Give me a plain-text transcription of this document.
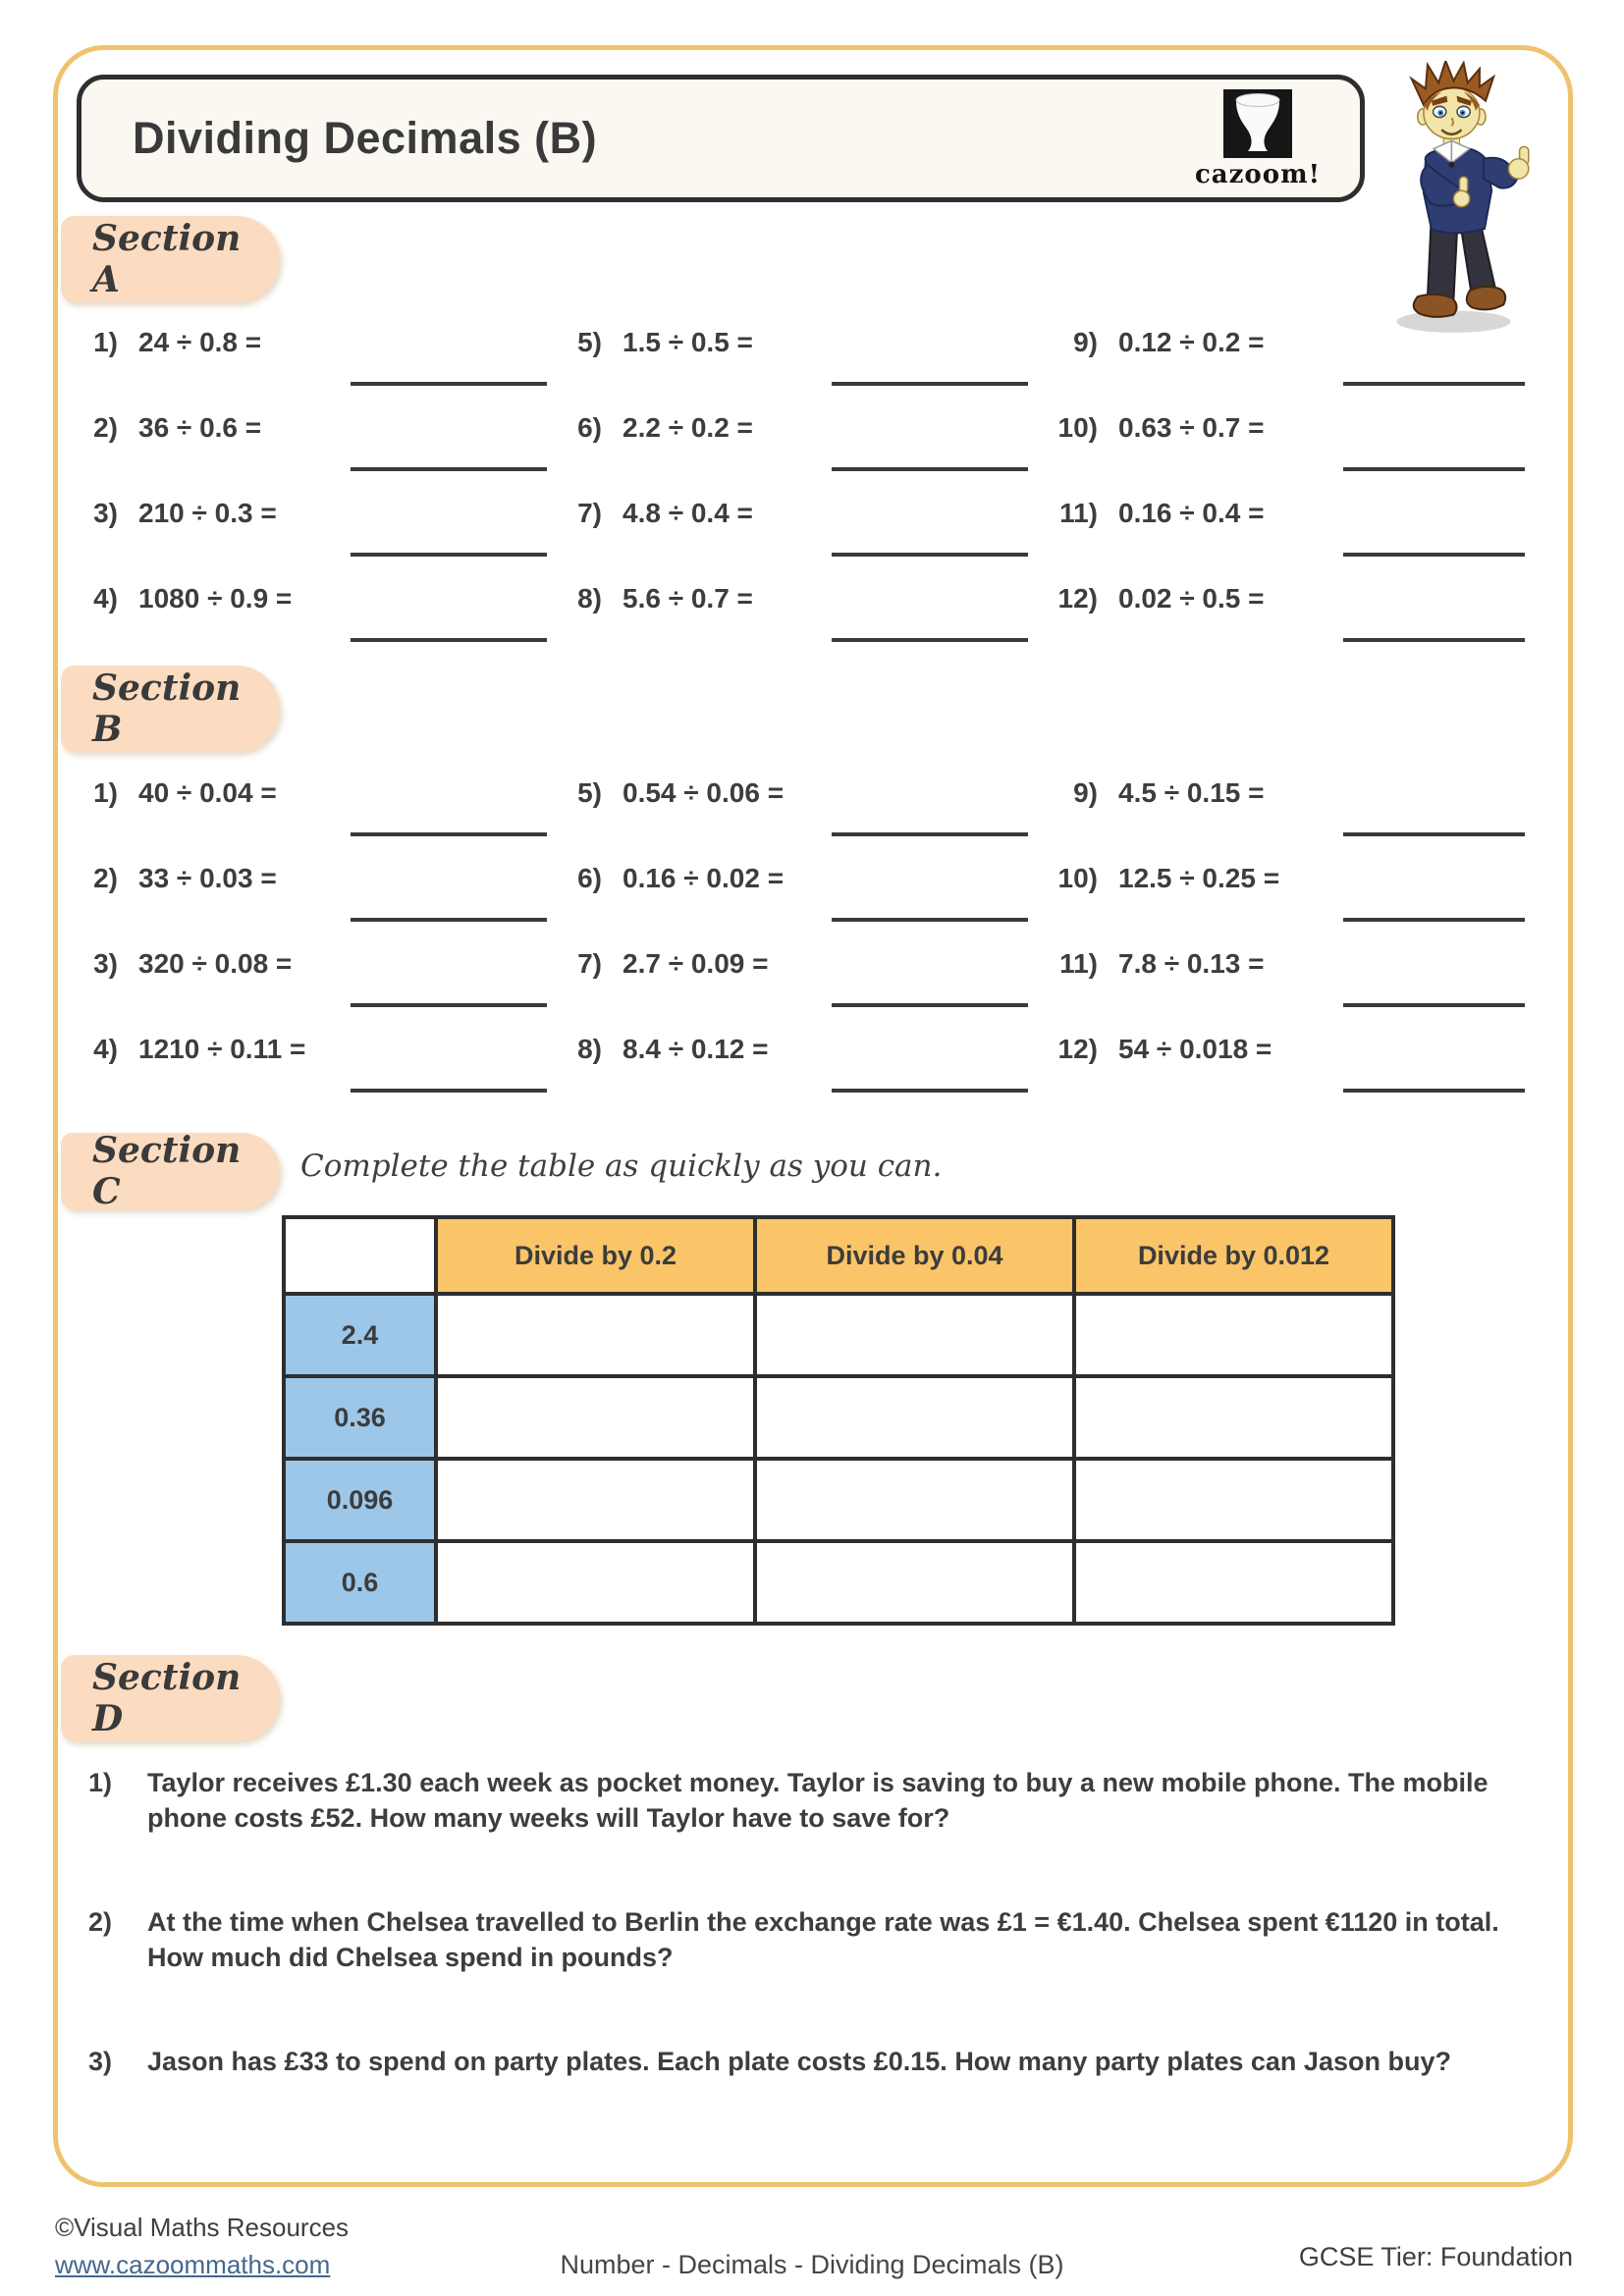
Dividing Decimals (B)
cazoom!
Section A
1) 24 ÷ 0.8 =
2) 36 ÷ 0.6 =
3) 210 ÷ 0.3 =
4) 1080 ÷ 0.9 =
5) 1.5 ÷ 0.5 =
6) 2.2 ÷ 0.2 =
7) 4.8 ÷ 0.4 =
8) 5.6 ÷ 0.7 =
9) 0.12 ÷ 0.2 =
10) 0.63 ÷ 0.7 =
11) 0.16 ÷ 0.4 =
12) 0.02 ÷ 0.5 =
Section B
1) 40 ÷ 0.04 =
2) 33 ÷ 0.03 =
3) 320 ÷ 0.08 =
4) 1210 ÷ 0.11 =
5) 0.54 ÷ 0.06 =
6) 0.16 ÷ 0.02 =
7) 2.7 ÷ 0.09 =
8) 8.4 ÷ 0.12 =
9) 4.5 ÷ 0.15 =
10) 12.5 ÷ 0.25 =
11) 7.8 ÷ 0.13 =
12) 54 ÷ 0.018 =
Section C
Complete the table as quickly as you can.
	Divide by 0.2	Divide by 0.04	Divide by 0.012
2.4			
0.36			
0.096			
0.6			
Section D
1)	Taylor receives £1.30 each week as pocket money. Taylor is saving to buy a new mobile phone. The mobile phone costs £52. How many weeks will Taylor have to save for?

2)	At the time when Chelsea travelled to Berlin the exchange rate was £1 = €1.40. Chelsea spent €1120 in total. How much did Chelsea spend in pounds?

3)	Jason has £33 to spend on party plates. Each plate costs £0.15. How many party plates can Jason buy?

©Visual Maths Resources
www.cazoommaths.com	Number - Decimals - Dividing Decimals (B)	GCSE Tier: Foundation
